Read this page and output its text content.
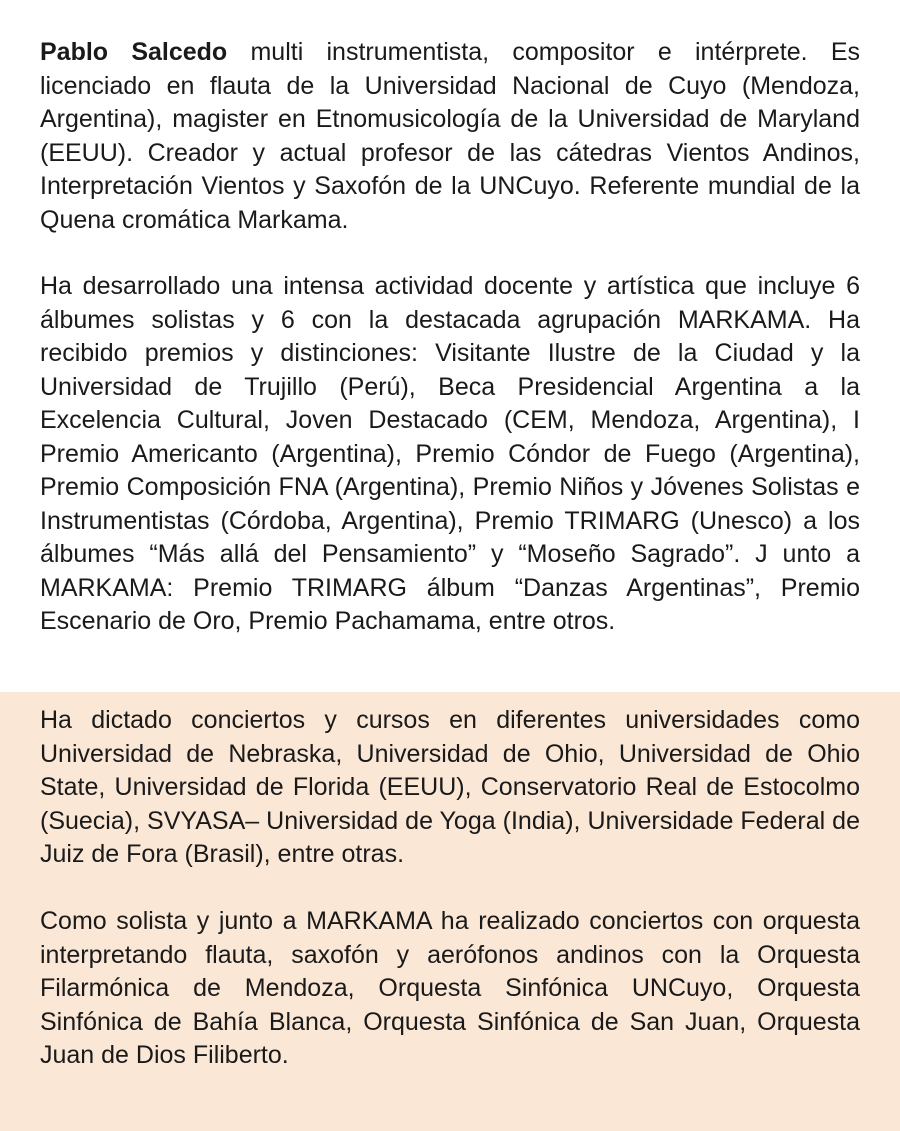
Pablo Salcedo multi instrumentista, compositor e intérprete. Es licenciado en flauta de la Universidad Nacional de Cuyo (Mendoza, Argentina), magister en Etnomusicología de la Universidad de Maryland (EEUU). Creador y actual profesor de las cátedras Vientos Andinos, Interpretación Vientos y Saxofón de la UNCuyo. Referente mundial de la Quena cromática Markama.

Ha desarrollado una intensa actividad docente y artística que incluye 6 álbumes solistas y 6 con la destacada agrupación MARKAMA. Ha recibido premios y distinciones: Visitante Ilustre de la Ciudad y la Universidad de Trujillo (Perú), Beca Presidencial Argentina a la Excelencia Cultural, Joven Destacado (CEM, Mendoza, Argentina), I Premio Americanto (Argentina), Premio Cóndor de Fuego (Argentina), Premio Composición FNA (Argentina), Premio Niños y Jóvenes Solistas e Instrumentistas (Córdoba, Argentina), Premio TRIMARG (Unesco) a los álbumes “Más allá del Pensamiento” y “Moseño Sagrado”. J unto a MARKAMA: Premio TRIMARG álbum “Danzas Argentinas”, Premio Escenario de Oro, Premio Pachamama, entre otros.

Ha dictado conciertos y cursos en diferentes universidades como Universidad de Nebraska, Universidad de Ohio, Universidad de Ohio State, Universidad de Florida (EEUU), Conservatorio Real de Estocolmo (Suecia), SVYASA– Universidad de Yoga (India), Universidade Federal de Juiz de Fora (Brasil), entre otras.

Como solista y junto a MARKAMA ha realizado conciertos con orquesta interpretando flauta, saxofón y aerófonos andinos con la Orquesta Filarmónica de Mendoza, Orquesta Sinfónica UNCuyo, Orquesta Sinfónica de Bahía Blanca, Orquesta Sinfónica de San Juan, Orquesta Juan de Dios Filiberto.
